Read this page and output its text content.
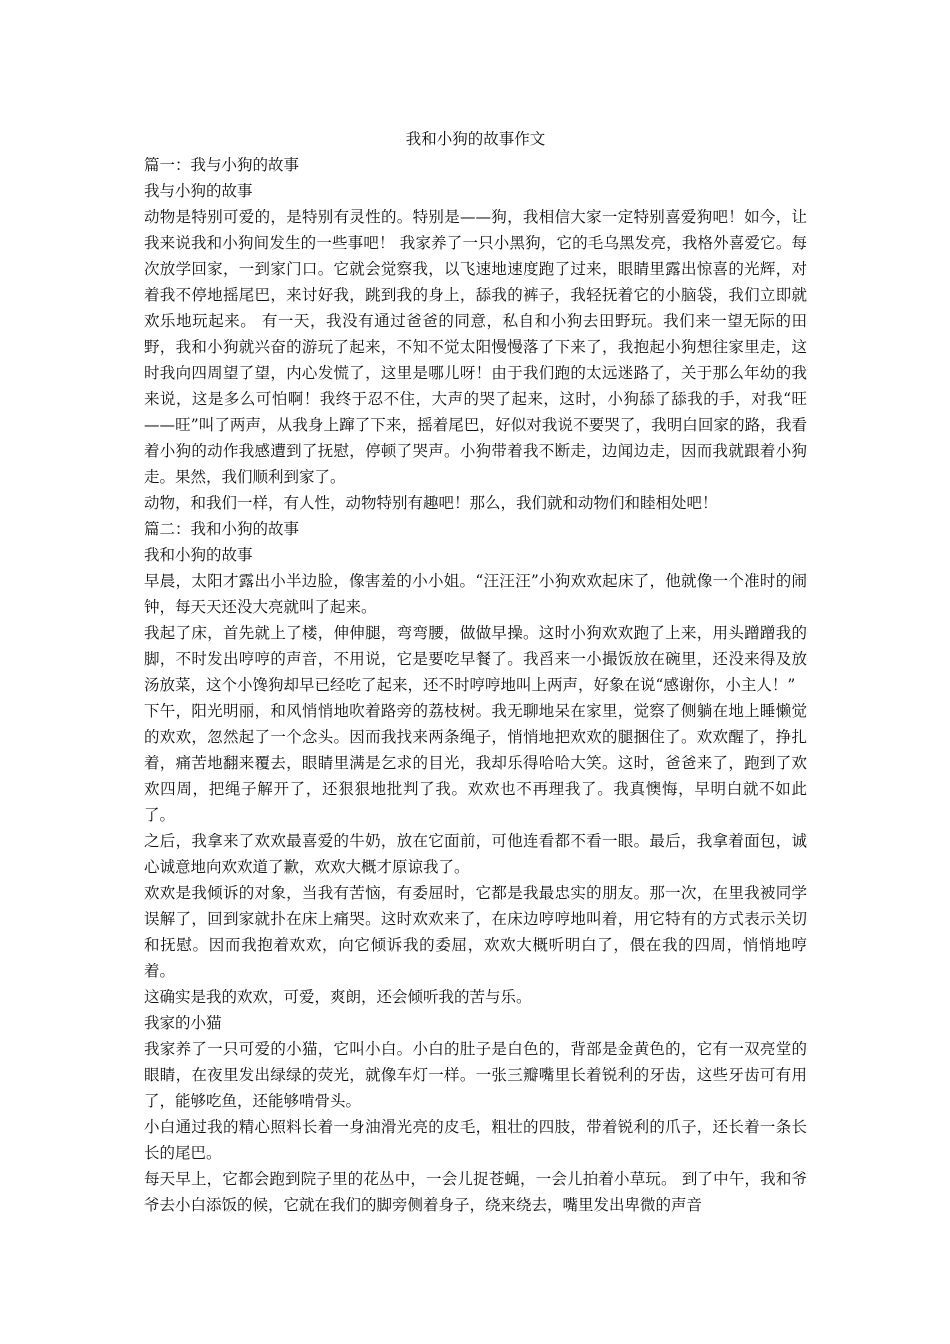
我和小狗的故事作文

篇一：我与小狗的故事

我与小狗的故事

动物是特别可爱的，是特别有灵性的。特别是——狗，我相信大家一定特别喜爱狗吧！如今，让我来说我和小狗间发生的一些事吧！ 我家养了一只小黑狗，它的毛乌黑发亮，我格外喜爱它。每次放学回家，一到家门口。它就会觉察我，以飞速地速度跑了过来，眼睛里露出惊喜的光辉，对着我不停地摇尾巴，来讨好我，跳到我的身上，舔我的裤子，我轻抚着它的小脑袋，我们立即就欢乐地玩起来。 有一天，我没有通过爸爸的同意，私自和小狗去田野玩。我们来一望无际的田野，我和小狗就兴奋的游玩了起来，不知不觉太阳慢慢落了下来了，我抱起小狗想往家里走，这时我向四周望了望，内心发慌了，这里是哪儿呀！由于我们跑的太远迷路了，关于那么年幼的我来说，这是多么可怕啊！我终于忍不住，大声的哭了起来，这时，小狗舔了舔我的手，对我“旺——旺”叫了两声，从我身上蹿了下来，摇着尾巴，好似对我说不要哭了，我明白回家的路，我看着小狗的动作我感遭到了抚慰，停顿了哭声。小狗带着我不断走，边闻边走，因而我就跟着小狗走。果然，我们顺利到家了。

动物，和我们一样，有人性，动物特别有趣吧！那么，我们就和动物们和睦相处吧！

篇二：我和小狗的故事

我和小狗的故事

早晨，太阳才露出小半边脸，像害羞的小小姐。“汪汪汪”小狗欢欢起床了，他就像一个准时的闹钟，每天天还没大亮就叫了起来。

我起了床，首先就上了楼，伸伸腿，弯弯腰，做做早操。这时小狗欢欢跑了上来，用头蹭蹭我的脚，不时发出哼哼的声音，不用说，它是要吃早餐了。我舀来一小撮饭放在碗里，还没来得及放汤放菜，这个小馋狗却早已经吃了起来，还不时哼哼地叫上两声，好象在说“感谢你，小主人！”

下午，阳光明丽，和风悄悄地吹着路旁的荔枝树。我无聊地呆在家里，觉察了侧躺在地上睡懒觉的欢欢，忽然起了一个念头。因而我找来两条绳子，悄悄地把欢欢的腿捆住了。欢欢醒了，挣扎着，痛苦地翻来覆去，眼睛里满是乞求的目光，我却乐得哈哈大笑。这时，爸爸来了，跑到了欢欢四周，把绳子解开了，还狠狠地批判了我。欢欢也不再理我了。我真懊悔，早明白就不如此了。

之后，我拿来了欢欢最喜爱的牛奶，放在它面前，可他连看都不看一眼。最后，我拿着面包，诚心诚意地向欢欢道了歉，欢欢大概才原谅我了。

欢欢是我倾诉的对象，当我有苦恼，有委屈时，它都是我最忠实的朋友。那一次，在里我被同学误解了，回到家就扑在床上痛哭。这时欢欢来了，在床边哼哼地叫着，用它特有的方式表示关切和抚慰。因而我抱着欢欢，向它倾诉我的委屈，欢欢大概听明白了，偎在我的四周，悄悄地哼着。

这确实是我的欢欢，可爱，爽朗，还会倾听我的苦与乐。

我家的小猫

我家养了一只可爱的小猫，它叫小白。小白的肚子是白色的，背部是金黄色的，它有一双亮堂的眼睛，在夜里发出绿绿的荧光，就像车灯一样。一张三瓣嘴里长着锐利的牙齿，这些牙齿可有用了，能够吃鱼，还能够啃骨头。

小白通过我的精心照料长着一身油滑光亮的皮毛，粗壮的四肢，带着锐利的爪子，还长着一条长长的尾巴。

每天早上，它都会跑到院子里的花丛中，一会儿捉苍蝇，一会儿拍着小草玩。 到了中午，我和爷爷去小白添饭的候，它就在我们的脚旁侧着身子，绕来绕去，嘴里发出卑微的声音
